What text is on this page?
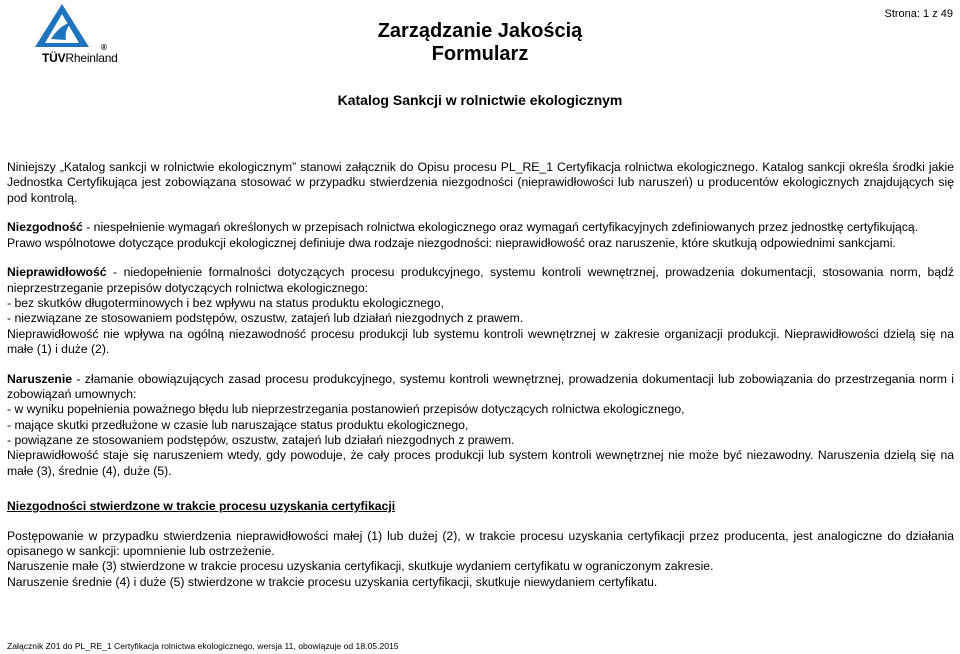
®
TÜVRheinland
Zarządzanie Jakością
Formularz
Strona: 1 z 49
Katalog Sankcji w rolnictwie ekologicznym

Niniejszy „Katalog sankcji w rolnictwie ekologicznym” stanowi załącznik do Opisu procesu PL_RE_1 Certyfikacja rolnictwa ekologicznego. Katalog sankcji określa środki jakie Jednostka Certyfikująca jest zobowiązana stosować w przypadku stwierdzenia niezgodności (nieprawidłowości lub naruszeń) u producentów ekologicznych znajdujących się pod kontrolą.

Niezgodność - niespełnienie wymagań określonych w przepisach rolnictwa ekologicznego oraz wymagań certyfikacyjnych zdefiniowanych przez jednostkę certyfikującą.

Prawo wspólnotowe dotyczące produkcji ekologicznej definiuje dwa rodzaje niezgodności: nieprawidłowość oraz naruszenie, które skutkują odpowiednimi sankcjami.

Nieprawidłowość - niedopełnienie formalności dotyczących procesu produkcyjnego, systemu kontroli wewnętrznej, prowadzenia dokumentacji, stosowania norm, bądź nieprzestrzeganie przepisów dotyczących rolnictwa ekologicznego:

- bez skutków długoterminowych i bez wpływu na status produktu ekologicznego,

- niezwiązane ze stosowaniem podstępów, oszustw, zatajeń lub działań niezgodnych z prawem.

Nieprawidłowość nie wpływa na ogólną niezawodność procesu produkcji lub systemu kontroli wewnętrznej w zakresie organizacji produkcji. Nieprawidłowości dzielą się na małe (1) i duże (2).

Naruszenie - złamanie obowiązujących zasad procesu produkcyjnego, systemu kontroli wewnętrznej, prowadzenia dokumentacji lub zobowiązania do przestrzegania norm i zobowiązań umownych:

- w wyniku popełnienia poważnego błędu lub nieprzestrzegania postanowień przepisów dotyczących rolnictwa ekologicznego,

- mające skutki przedłużone w czasie lub naruszające status produktu ekologicznego,

- powiązane ze stosowaniem podstępów, oszustw, zatajeń lub działań niezgodnych z prawem.

Nieprawidłowość staje się naruszeniem wtedy, gdy powoduje, że cały proces produkcji lub system kontroli wewnętrznej nie może być niezawodny. Naruszenia dzielą się na małe (3), średnie (4), duże (5).

Niezgodności stwierdzone w trakcie procesu uzyskania certyfikacji

Postępowanie w przypadku stwierdzenia nieprawidłowości małej (1) lub dużej (2), w trakcie procesu uzyskania certyfikacji przez producenta, jest analogiczne do działania opisanego w sankcji: upomnienie lub ostrzeżenie.

Naruszenie małe (3) stwierdzone w trakcie procesu uzyskania certyfikacji, skutkuje wydaniem certyfikatu w ograniczonym zakresie.

Naruszenie średnie (4) i duże (5) stwierdzone w trakcie procesu uzyskania certyfikacji, skutkuje niewydaniem certyfikatu.

Załącznik Z01 do PL_RE_1 Certyfikacja rolnictwa ekologicznego, wersja 11, obowiązuje od 18.05.2015
